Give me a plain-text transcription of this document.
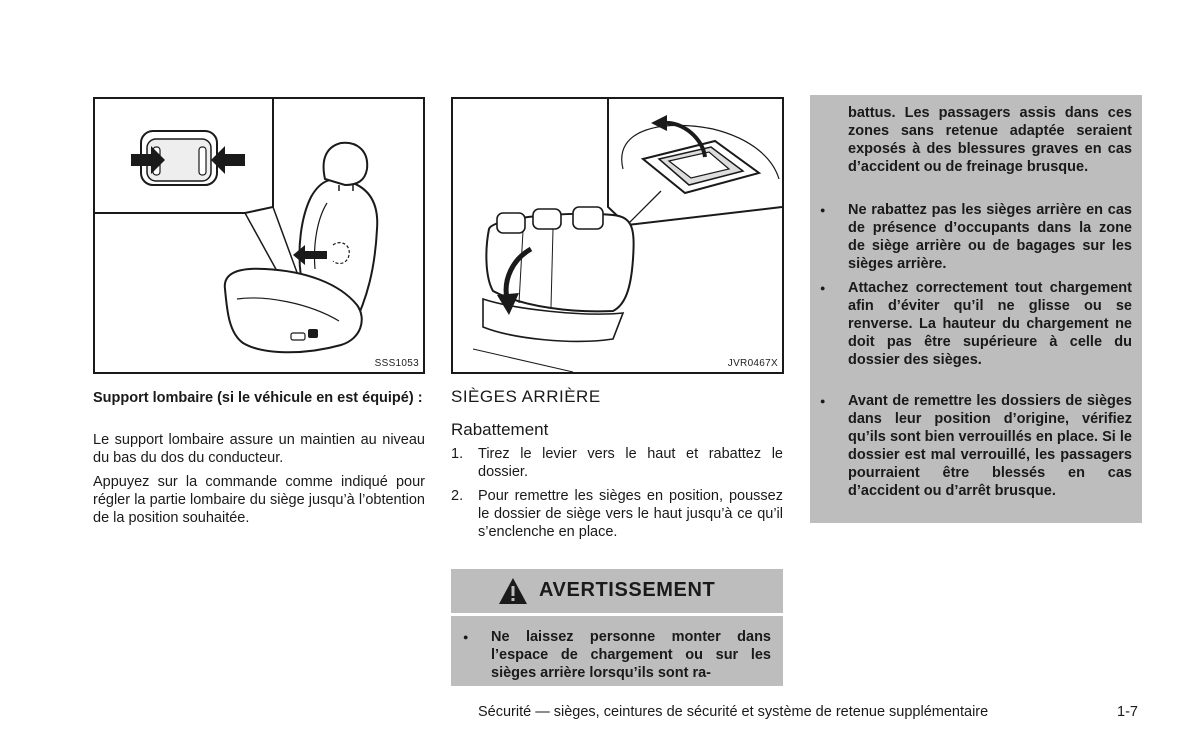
SSS1053	JVR0467X
Support lombaire (si le véhicule en est équipé) :
Le support lombaire assure un maintien au niveau du bas du dos du conducteur.
Appuyez sur la commande comme indiqué pour régler la partie lombaire du siège jusqu’à l’obtention de la position souhaitée.
SIÈGES ARRIÈRE
Rabattement
1. Tirez le levier vers le haut et rabattez le dossier.
2. Pour remettre les sièges en position, poussez le dossier de siège vers le haut jusqu’à ce qu’il s’enclenche en place.
AVERTISSEMENT
● Ne laissez personne monter dans l’espace de chargement ou sur les sièges arrière lorsqu’ils sont ra-
battus. Les passagers assis dans ces zones sans retenue adaptée seraient exposés à des blessures graves en cas d’accident ou de freinage brusque.
● Ne rabattez pas les sièges arrière en cas de présence d’occupants dans la zone de siège arrière ou de bagages sur les sièges arrière.
● Attachez correctement tout chargement afin d’éviter qu’il ne glisse ou se renverse. La hauteur du chargement ne doit pas être supérieure à celle du dossier des sièges.
● Avant de remettre les dossiers de sièges dans leur position d’origine, vérifiez qu’ils sont bien verrouillés en place. Si le dossier est mal verrouillé, les passagers pourraient être blessés en cas d’accident ou d’arrêt brusque.
Sécurité — sièges, ceintures de sécurité et système de retenue supplémentaire	1-7
